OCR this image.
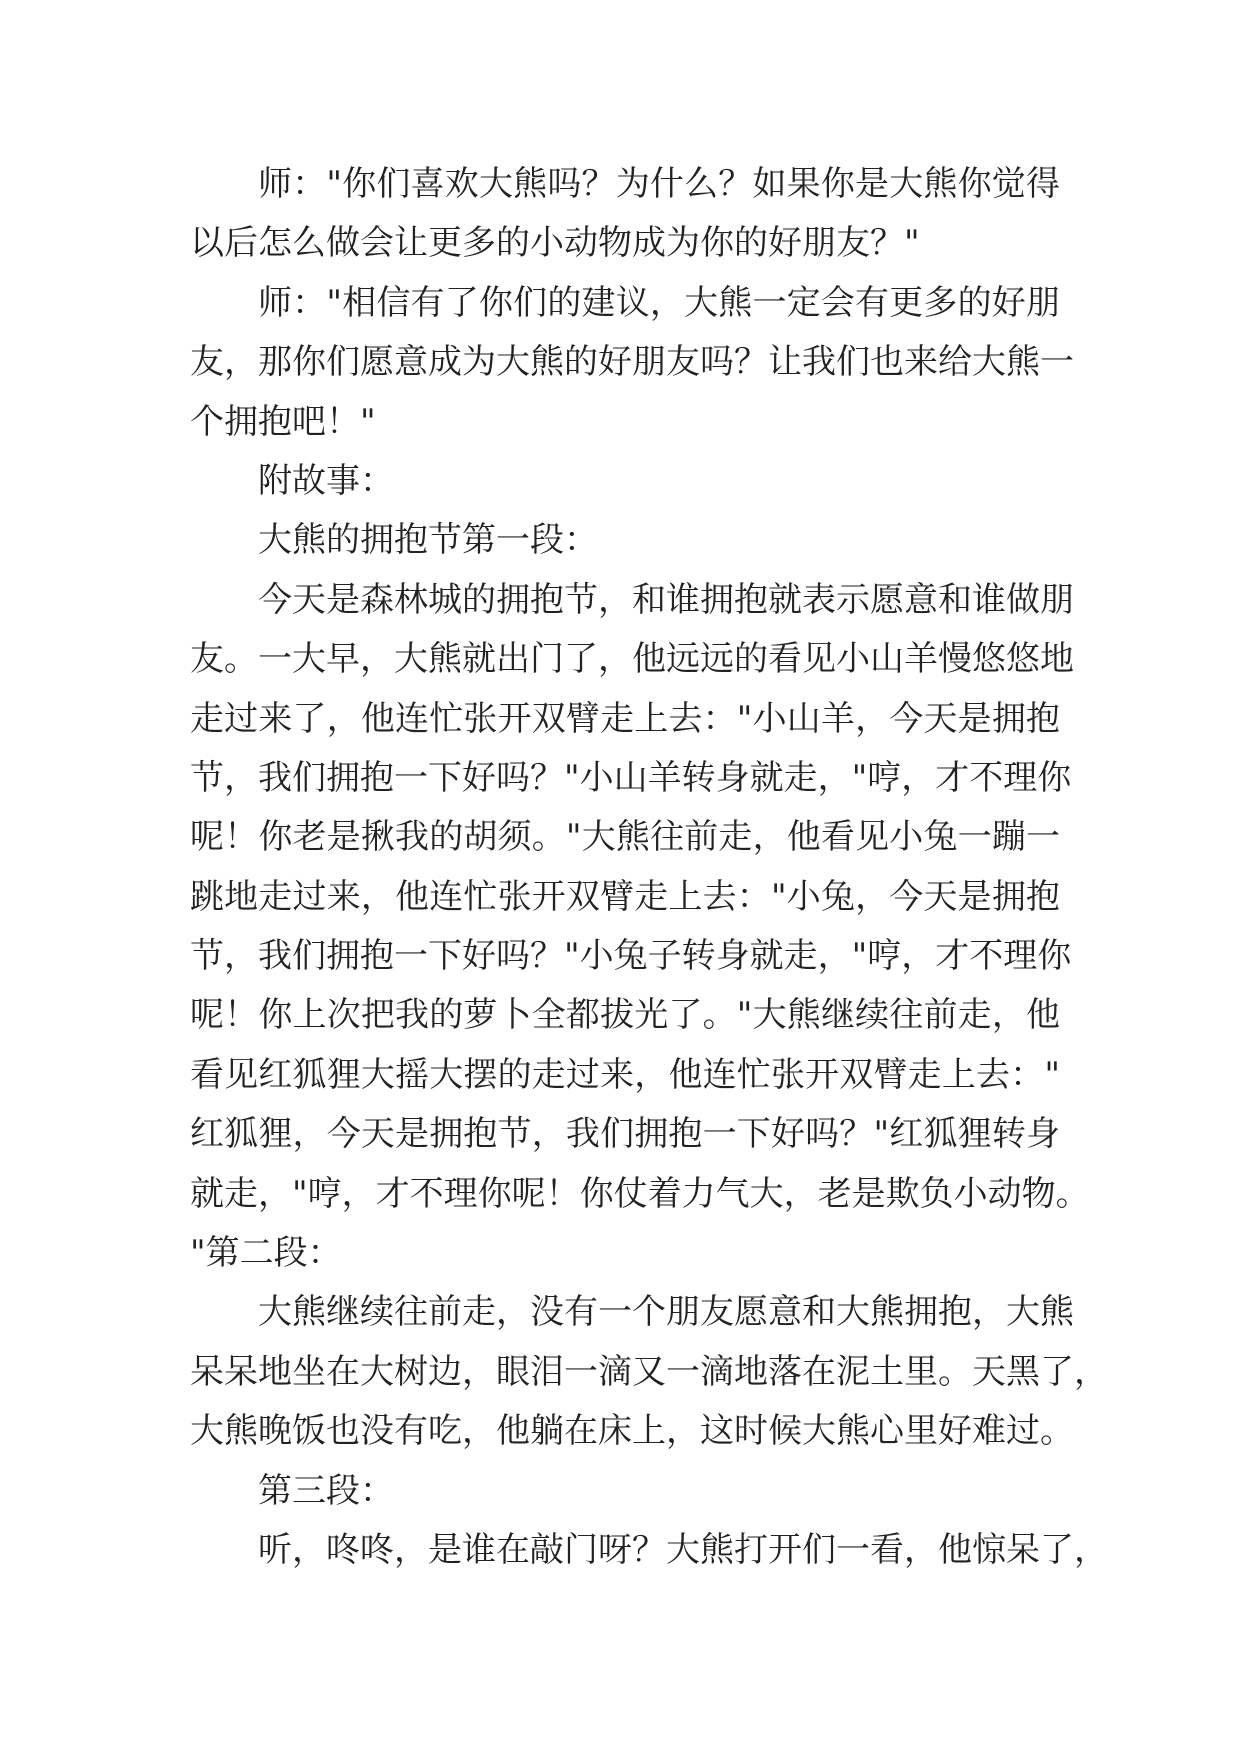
师："你们喜欢大熊吗？为什么？如果你是大熊你觉得
以后怎么做会让更多的小动物成为你的好朋友？"
师："相信有了你们的建议，大熊一定会有更多的好朋
友，那你们愿意成为大熊的好朋友吗？让我们也来给大熊一
个拥抱吧！"
附故事：
大熊的拥抱节第一段：
今天是森林城的拥抱节，和谁拥抱就表示愿意和谁做朋
友。一大早，大熊就出门了，他远远的看见小山羊慢悠悠地
走过来了，他连忙张开双臂走上去："小山羊，今天是拥抱
节，我们拥抱一下好吗？"小山羊转身就走，"哼，才不理你
呢！你老是揪我的胡须。"大熊往前走，他看见小兔一蹦一
跳地走过来，他连忙张开双臂走上去："小兔，今天是拥抱
节，我们拥抱一下好吗？"小兔子转身就走，"哼，才不理你
呢！你上次把我的萝卜全都拔光了。"大熊继续往前走，他
看见红狐狸大摇大摆的走过来，他连忙张开双臂走上去："
红狐狸，今天是拥抱节，我们拥抱一下好吗？"红狐狸转身
就走，"哼，才不理你呢！你仗着力气大，老是欺负小动物。
"第二段：
大熊继续往前走，没有一个朋友愿意和大熊拥抱，大熊
呆呆地坐在大树边，眼泪一滴又一滴地落在泥土里。天黑了，
大熊晚饭也没有吃，他躺在床上，这时候大熊心里好难过。
第三段：
听，咚咚，是谁在敲门呀？大熊打开们一看，他惊呆了，
